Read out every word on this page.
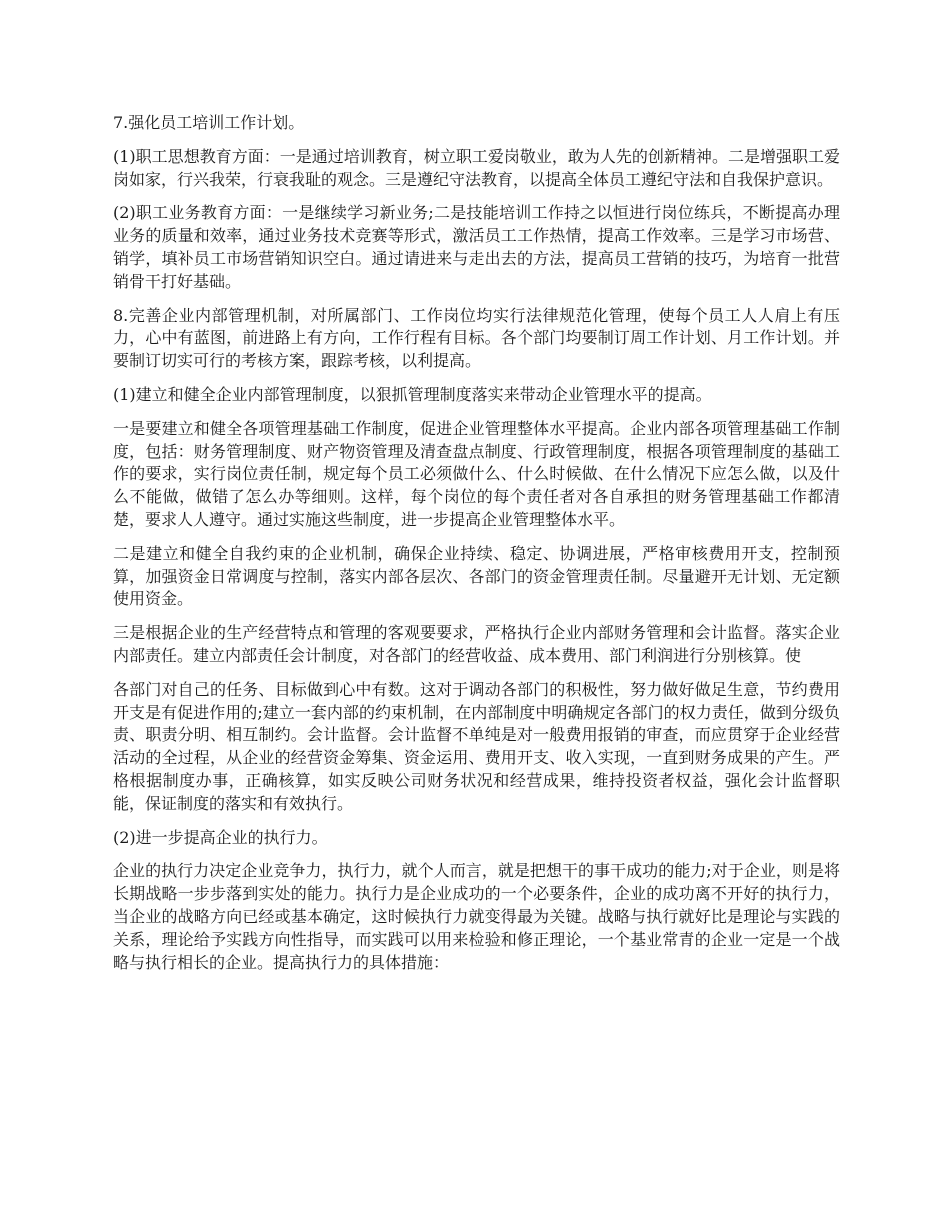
7.强化员工培训工作计划。

(1)职工思想教育方面：一是通过培训教育，树立职工爱岗敬业，敢为人先的创新精神。二是增强职工爱岗如家，行兴我荣，行衰我耻的观念。三是遵纪守法教育，以提高全体员工遵纪守法和自我保护意识。

(2)职工业务教育方面：一是继续学习新业务;二是技能培训工作持之以恒进行岗位练兵，不断提高办理业务的质量和效率，通过业务技术竞赛等形式，激活员工工作热情，提高工作效率。三是学习市场营、销学，填补员工市场营销知识空白。通过请进来与走出去的方法，提高员工营销的技巧，为培育一批营销骨干打好基础。

8.完善企业内部管理机制，对所属部门、工作岗位均实行法律规范化管理，使每个员工人人肩上有压力，心中有蓝图，前进路上有方向，工作行程有目标。各个部门均要制订周工作计划、月工作计划。并要制订切实可行的考核方案，跟踪考核，以利提高。

(1)建立和健全企业内部管理制度，以狠抓管理制度落实来带动企业管理水平的提高。

一是要建立和健全各项管理基础工作制度，促进企业管理整体水平提高。企业内部各项管理基础工作制度，包括：财务管理制度、财产物资管理及清查盘点制度、行政管理制度，根据各项管理制度的基础工作的要求，实行岗位责任制，规定每个员工必须做什么、什么时候做、在什么情况下应怎么做，以及什么不能做，做错了怎么办等细则。这样，每个岗位的每个责任者对各自承担的财务管理基础工作都清楚，要求人人遵守。通过实施这些制度，进一步提高企业管理整体水平。

二是建立和健全自我约束的企业机制，确保企业持续、稳定、协调进展，严格审核费用开支，控制预算，加强资金日常调度与控制，落实内部各层次、各部门的资金管理责任制。尽量避开无计划、无定额使用资金。

三是根据企业的生产经营特点和管理的客观要要求，严格执行企业内部财务管理和会计监督。落实企业内部责任。建立内部责任会计制度，对各部门的经营收益、成本费用、部门利润进行分别核算。使

各部门对自己的任务、目标做到心中有数。这对于调动各部门的积极性，努力做好做足生意，节约费用开支是有促进作用的;建立一套内部的约束机制，在内部制度中明确规定各部门的权力责任，做到分级负责、职责分明、相互制约。会计监督。会计监督不单纯是对一般费用报销的审查，而应贯穿于企业经营活动的全过程，从企业的经营资金筹集、资金运用、费用开支、收入实现，一直到财务成果的产生。严格根据制度办事，正确核算，如实反映公司财务状况和经营成果，维持投资者权益，强化会计监督职能，保证制度的落实和有效执行。

(2)进一步提高企业的执行力。

企业的执行力决定企业竞争力，执行力，就个人而言，就是把想干的事干成功的能力;对于企业，则是将长期战略一步步落到实处的能力。执行力是企业成功的一个必要条件，企业的成功离不开好的执行力，当企业的战略方向已经或基本确定，这时候执行力就变得最为关键。战略与执行就好比是理论与实践的关系，理论给予实践方向性指导，而实践可以用来检验和修正理论，一个基业常青的企业一定是一个战略与执行相长的企业。提高执行力的具体措施：
